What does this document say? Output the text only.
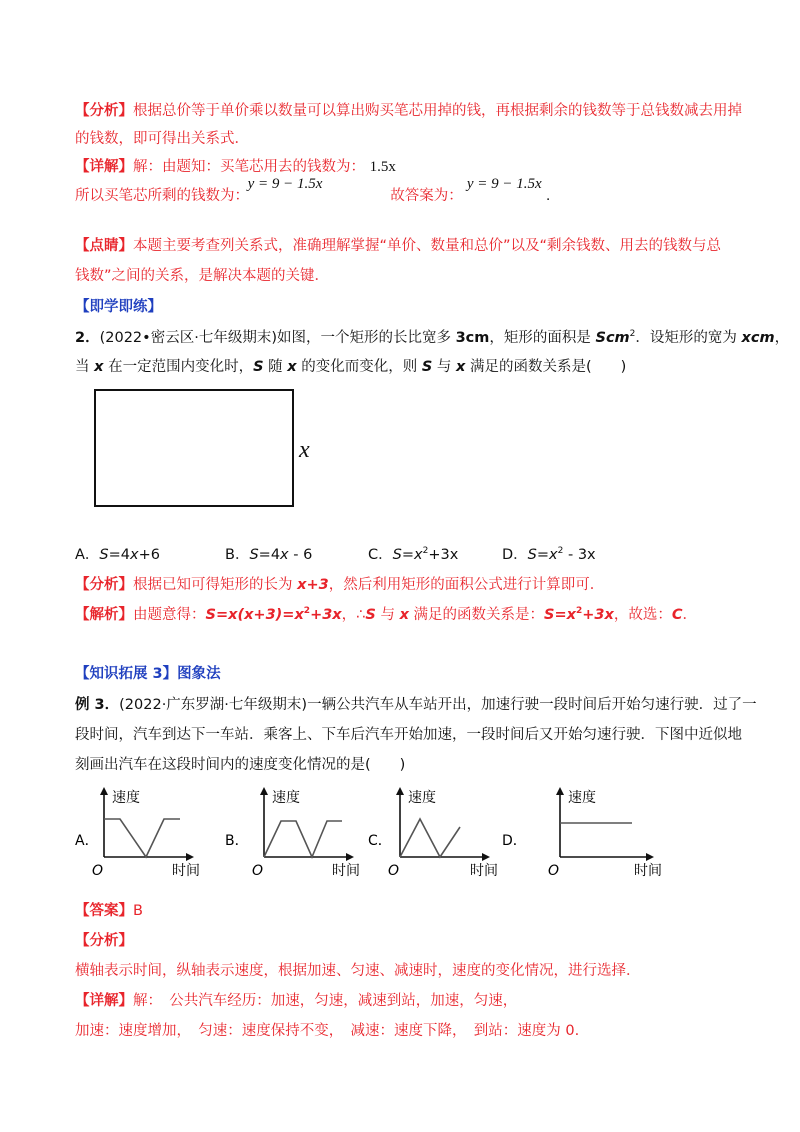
【分析】根据总价等于单价乘以数量可以算出购买笔芯用掉的钱，再根据剩余的钱数等于总钱数减去用掉
的钱数，即可得出关系式．
【详解】解：由题知：买笔芯用去的钱数为： 1.5x
所以买笔芯所剩的钱数为： y = 9 − 1.5x 故答案为： y = 9 − 1.5x .
【点睛】本题主要考查列关系式，准确理解掌握“单价、数量和总价”以及“剩余钱数、用去的钱数与总
钱数”之间的关系，是解决本题的关键．
【即学即练】
2．(2022•密云区·七年级期末)如图，一个矩形的长比宽多 3cm，矩形的面积是 Scm$^2$．设矩形的宽为 xcm，
当 x 在一定范围内变化时，S 随 x 的变化而变化，则 S 与 x 满足的函数关系是(　　)
x
A．S=4x+6	B．S=4x - 6	C．$S=x^2+3x$	D．$S=x^2 - 3x$
【分析】根据已知可得矩形的长为 x+3，然后利用矩形的面积公式进行计算即可．
【解析】由题意得：$S=x(x+3)=x^2+3x$，∴S 与 x 满足的函数关系是：$S=x^2+3x$，故选：C．
【知识拓展 3】图象法
例 3．(2022·广东罗湖·七年级期末)一辆公共汽车从车站开出，加速行驶一段时间后开始匀速行驶．过了一
段时间，汽车到达下一车站．乘客上、下车后汽车开始加速，一段时间后又开始匀速行驶．下图中近似地
刻画出汽车在这段时间内的速度变化情况的是(　　)
A．
速度
O	时间
B．
速度
O	时间
C．
速度
O	时间
D．
速度
O	时间
【答案】B
【分析】
横轴表示时间，纵轴表示速度，根据加速、匀速、减速时，速度的变化情况，进行选择．
【详解】解：　公共汽车经历：加速，匀速，减速到站，加速，匀速，
加速：速度增加，　匀速：速度保持不变，　减速：速度下降，　到站：速度为 0.
